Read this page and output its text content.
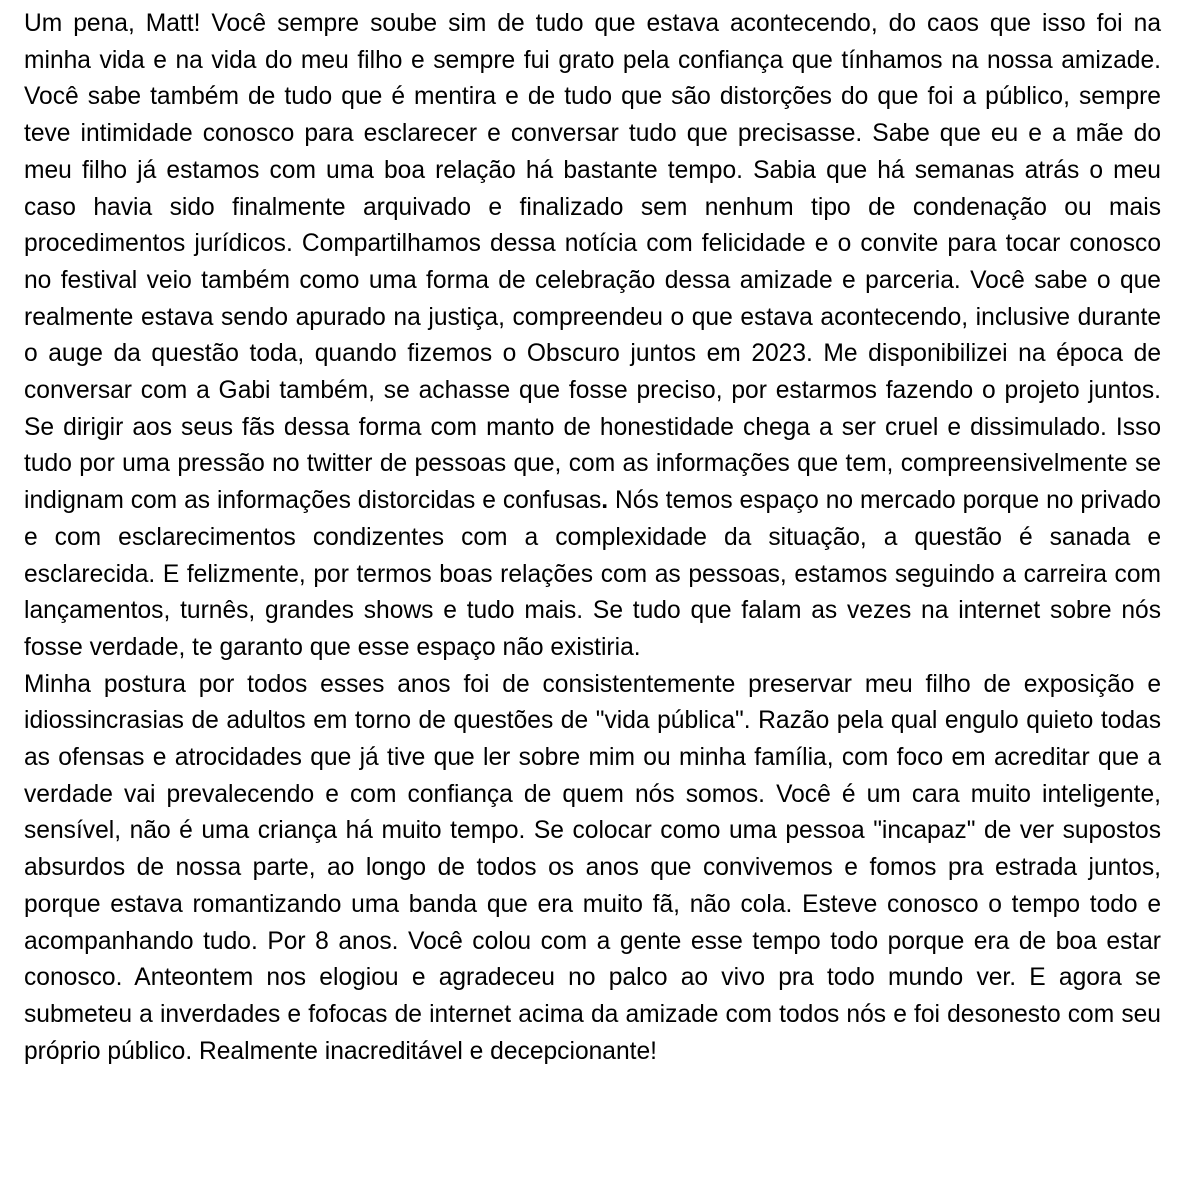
Um pena, Matt! Você sempre soube sim de tudo que estava acontecendo, do caos que isso foi na minha vida e na vida do meu filho e sempre fui grato pela confiança que tínhamos na nossa amizade. Você sabe também de tudo que é mentira e de tudo que são distorções do que foi a público, sempre teve intimidade conosco para esclarecer e conversar tudo que precisasse. Sabe que eu e a mãe do meu filho já estamos com uma boa relação há bastante tempo. Sabia que há semanas atrás o meu caso havia sido finalmente arquivado e finalizado sem nenhum tipo de condenação ou mais procedimentos jurídicos. Compartilhamos dessa notícia com felicidade e o convite para tocar conosco no festival veio também como uma forma de celebração dessa amizade e parceria. Você sabe o que realmente estava sendo apurado na justiça, compreendeu o que estava acontecendo, inclusive durante o auge da questão toda, quando fizemos o Obscuro juntos em 2023. Me disponibilizei na época de conversar com a Gabi também, se achasse que fosse preciso, por estarmos fazendo o projeto juntos. Se dirigir aos seus fãs dessa forma com manto de honestidade chega a ser cruel e dissimulado. Isso tudo por uma pressão no twitter de pessoas que, com as informações que tem, compreensivelmente se indignam com as informações distorcidas e confusas. Nós temos espaço no mercado porque no privado e com esclarecimentos condizentes com a complexidade da situação, a questão é sanada e esclarecida. E felizmente, por termos boas relações com as pessoas, estamos seguindo a carreira com lançamentos, turnês, grandes shows e tudo mais. Se tudo que falam as vezes na internet sobre nós fosse verdade, te garanto que esse espaço não existiria.

Minha postura por todos esses anos foi de consistentemente preservar meu filho de exposição e idiossincrasias de adultos em torno de questões de "vida pública". Razão pela qual engulo quieto todas as ofensas e atrocidades que já tive que ler sobre mim ou minha família, com foco em acreditar que a verdade vai prevalecendo e com confiança de quem nós somos. Você é um cara muito inteligente, sensível, não é uma criança há muito tempo. Se colocar como uma pessoa "incapaz" de ver supostos absurdos de nossa parte, ao longo de todos os anos que convivemos e fomos pra estrada juntos, porque estava romantizando uma banda que era muito fã, não cola. Esteve conosco o tempo todo e acompanhando tudo. Por 8 anos. Você colou com a gente esse tempo todo porque era de boa estar conosco. Anteontem nos elogiou e agradeceu no palco ao vivo pra todo mundo ver. E agora se submeteu a inverdades e fofocas de internet acima da amizade com todos nós e foi desonesto com seu próprio público. Realmente inacreditável e decepcionante!
